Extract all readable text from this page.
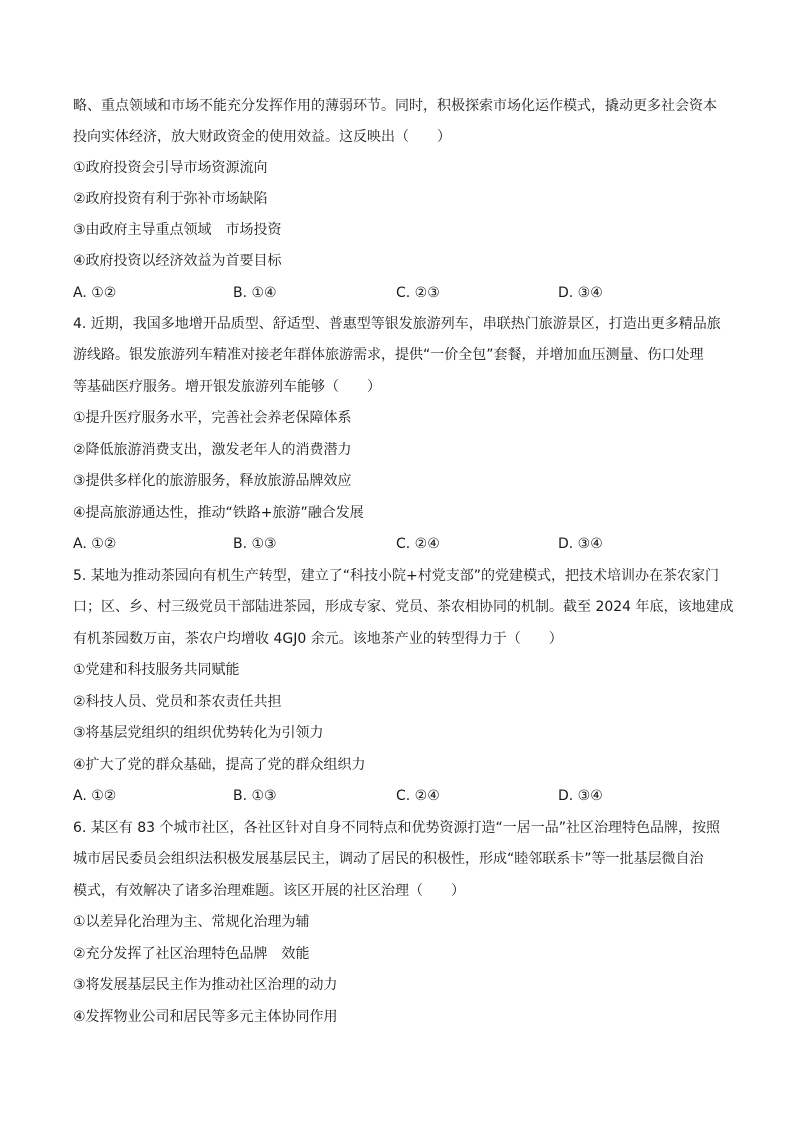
略、重点领域和市场不能充分发挥作用的薄弱环节。同时，积极探索市场化运作模式，撬动更多社会资本
投向实体经济，放大财政资金的使用效益。这反映出（　　）
①政府投资会引导市场资源流向
②政府投资有利于弥补市场缺陷
③由政府主导重点领域　市场投资
④政府投资以经济效益为首要目标
A. ①②	B. ①④	C. ②③	D. ③④
4. 近期，我国多地增开品质型、舒适型、普惠型等银发旅游列车，串联热门旅游景区，打造出更多精品旅
游线路。银发旅游列车精准对接老年群体旅游需求，提供“一价全包”套餐，并增加血压测量、伤口处理
等基础医疗服务。增开银发旅游列车能够（　　）
①提升医疗服务水平，完善社会养老保障体系
②降低旅游消费支出，激发老年人的消费潜力
③提供多样化的旅游服务，释放旅游品牌效应
④提高旅游通达性，推动“铁路+旅游”融合发展
A. ①②	B. ①③	C. ②④	D. ③④
5. 某地为推动茶园向有机生产转型，建立了“科技小院+村党支部”的党建模式，把技术培训办在茶农家门
口；区、乡、村三级党员干部陆进茶园，形成专家、党员、茶农相协同的机制。截至 2024 年底，该地建成
有机茶园数万亩，茶农户均增收 4GJ0 余元。该地茶产业的转型得力于（　　）
①党建和科技服务共同赋能
②科技人员、党员和茶农责任共担
③将基层党组织的组织优势转化为引领力
④扩大了党的群众基础，提高了党的群众组织力
A. ①②	B. ①③	C. ②④	D. ③④
6. 某区有 83 个城市社区，各社区针对自身不同特点和优势资源打造“一居一品”社区治理特色品牌，按照
城市居民委员会组织法积极发展基层民主，调动了居民的积极性，形成“睦邻联系卡”等一批基层微自治
模式，有效解决了诸多治理难题。该区开展的社区治理（　　）
①以差异化治理为主、常规化治理为辅
②充分发挥了社区治理特色品牌　效能
③将发展基层民主作为推动社区治理的动力
④发挥物业公司和居民等多元主体协同作用
